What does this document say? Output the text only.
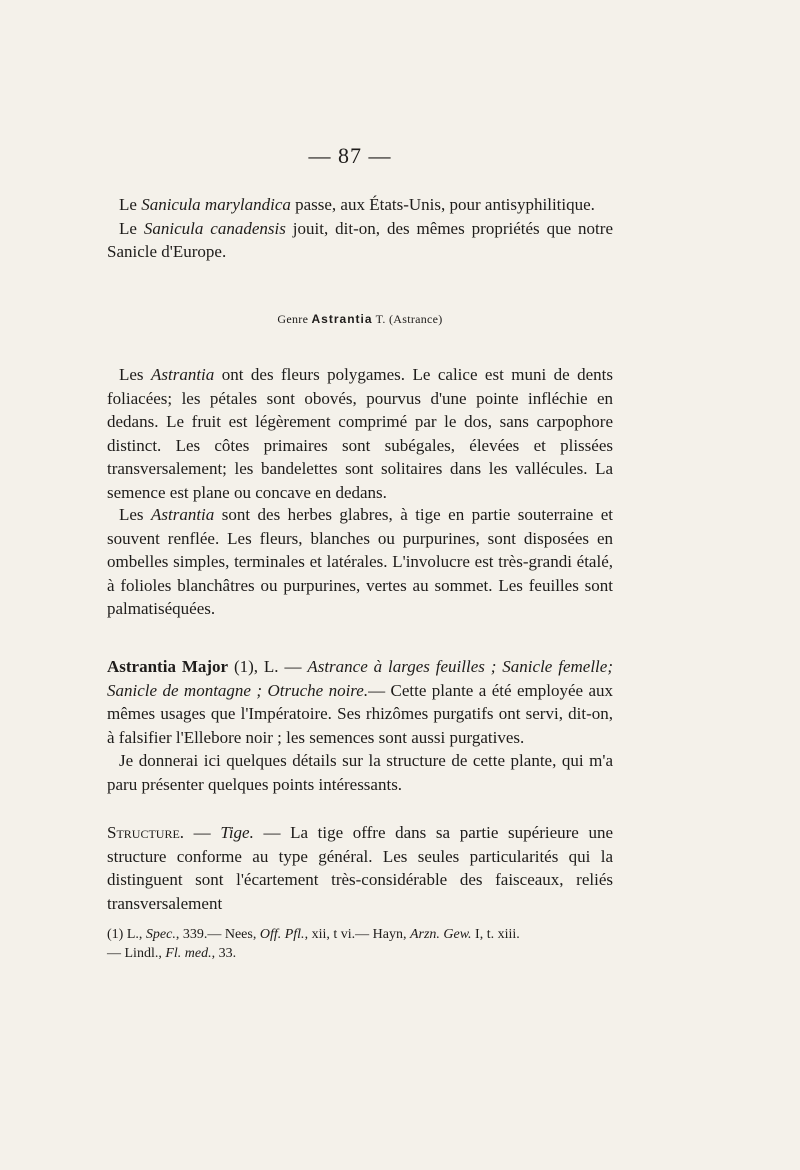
— 87 —

Le Sanicula marylandica passe, aux États-Unis, pour antisyphilitique.

Le Sanicula canadensis jouit, dit-on, des mêmes propriétés que notre Sanicle d'Europe.

Genre Astrantia T. (Astrance)

Les Astrantia ont des fleurs polygames. Le calice est muni de dents foliacées; les pétales sont obovés, pourvus d'une pointe infléchie en dedans. Le fruit est légèrement comprimé par le dos, sans carpophore distinct. Les côtes primaires sont subégales, élevées et plissées transversalement; les bandelettes sont solitaires dans les vallécules. La semence est plane ou concave en dedans.

Les Astrantia sont des herbes glabres, à tige en partie souterraine et souvent renflée. Les fleurs, blanches ou purpurines, sont disposées en ombelles simples, terminales et latérales. L'involucre est très-grandi étalé, à folioles blanchâtres ou purpurines, vertes au sommet. Les feuilles sont palmatiséquées.

Astrantia Major (1), L. — Astrance à larges feuilles ; Sanicle femelle; Sanicle de montagne ; Otruche noire.— Cette plante a été employée aux mêmes usages que l'Impératoire. Ses rhizômes purgatifs ont servi, dit-on, à falsifier l'Ellebore noir ; les semences sont aussi purgatives.

Je donnerai ici quelques détails sur la structure de cette plante, qui m'a paru présenter quelques points intéressants.

Structure. — Tige. — La tige offre dans sa partie supérieure une structure conforme au type général. Les seules particularités qui la distinguent sont l'écartement très-considérable des faisceaux, reliés transversalement

(1) L., Spec., 339.— Nees, Off. Pfl., xii, t vi.— Hayn, Arzn. Gew. I, t. xiii.

— Lindl., Fl. med., 33.
